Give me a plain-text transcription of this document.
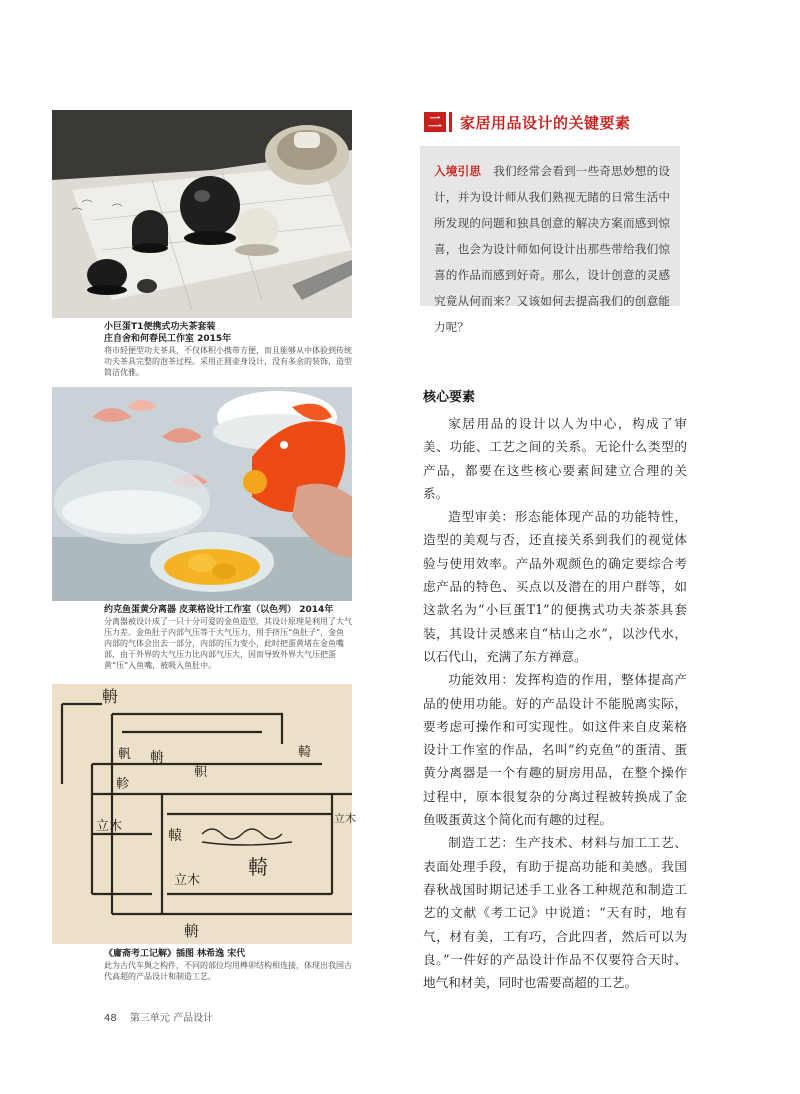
小巨蛋T1便携式功夫茶套装
庄自舍和何春民工作室 2015年
将市轻便型功夫茶具，不仅体积小携带方便，而且能够从中体验到传统功夫茶具完整的泡茶过程。采用正圆壶身设计，没有多余的装饰，造型简洁优雅。
约克鱼蛋黄分离器 皮莱格设计工作室（以色列） 2014年
分离器被设计成了一只十分可爱的金鱼造型，其设计原理是利用了大气压力差。金鱼肚子内部气压等于大气压力，用手挤压“鱼肚子”，金鱼内部的气体会出去一部分，内部的压力变小，此时把蛋黄堵在金鱼嘴部，由于外界的大气压力比内部气压大，因而导致外界大气压把蛋黄“压”入鱼嘴，被吸入鱼肚中。
輈
輈
軓
軹
軫
立木
轅
立木
輢
立木
輢
輈
《庸斋考工记解》插图 林希逸 宋代
此为古代车舆之构件，不同的部位均用榫卯结构相连接，体现出我国古代高超的产品设计和制造工艺。
二 家居用品设计的关键要素
入境引思 我们经常会看到一些奇思妙想的设计，并为设计师从我们熟视无睹的日常生活中所发现的问题和独具创意的解决方案而感到惊喜，也会为设计师如何设计出那些带给我们惊喜的作品而感到好奇。那么，设计创意的灵感究竟从何而来？又该如何去提高我们的创意能力呢？
核心要素

家居用品的设计以人为中心，构成了审美、功能、工艺之间的关系。无论什么类型的产品，都要在这些核心要素间建立合理的关系。

造型审美：形态能体现产品的功能特性，造型的美观与否，还直接关系到我们的视觉体验与使用效率。产品外观颜色的确定要综合考虑产品的特色、买点以及潜在的用户群等，如这款名为“小巨蛋T1”的便携式功夫茶茶具套装，其设计灵感来自“枯山之水”，以沙代水，以石代山，充满了东方禅意。

功能效用：发挥构造的作用，整体提高产品的使用功能。好的产品设计不能脱离实际，要考虑可操作和可实现性。如这件来自皮莱格设计工作室的作品，名叫“约克鱼”的蛋清、蛋黄分离器是一个有趣的厨房用品，在整个操作过程中，原本很复杂的分离过程被转换成了金鱼吸蛋黄这个简化而有趣的过程。

制造工艺：生产技术、材料与加工工艺、表面处理手段，有助于提高功能和美感。我国春秋战国时期记述手工业各工种规范和制造工艺的文献《考工记》中说道：“天有时，地有气，材有美，工有巧，合此四者，然后可以为良。”一件好的产品设计作品不仅要符合天时、地气和材美，同时也需要高超的工艺。

48 第三单元 产品设计
